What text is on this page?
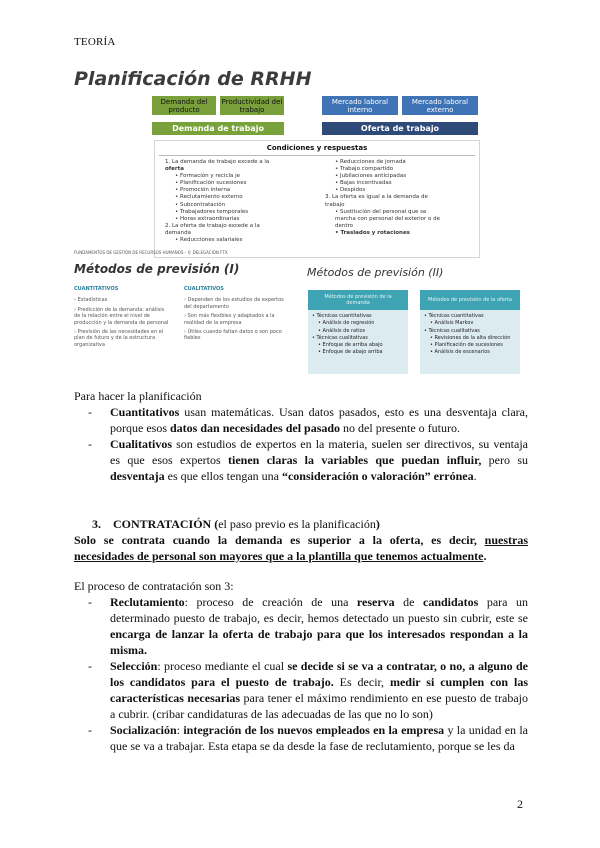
TEORÍA
Planificación de RRHH
Demanda del producto
Productividad del trabajo
Mercado laboral interno
Mercado laboral externo
Demanda de trabajo	Oferta de trabajo
Condiciones y respuestas
1. La demanda de trabajo excede a la
oferta
• Formación y recicla je
• Planificación sucesiones
• Promoción interna
• Reclutamiento externo
• Subcontratación
• Trabajadores temporales
• Horas extraordinarias
2. La oferta de trabajo excede a la
demanda
• Reducciones salariales
• Reducciones de jornada
• Trabajo compartido
• Jubilaciones anticipadas
• Bajas incentivadas
• Despidos
3. La oferta es igual a la demanda de
trabajo
• Sustitución del personal que se
marcha con personal del exterior o de
dentro
• Traslados y rotaciones
FUNDAMENTOS DE GESTIÓN DE RECURSOS HUMANOS - © DELEGACIÓN FTX
Métodos de previsión (I)
CUANTITATIVOS
› Estadísticas
› Predicción de la demanda: análisis de la relación entre el nivel de producción y la demanda de personal
› Previsión de las necesidades en el plan de futuro y de la estructura organizativa
CUALITATIVOS
› Dependen de los estudios de expertos del departamento
› Son más flexibles y adaptados a la realidad de la empresa
› Útiles cuando faltan datos o son poco fiables
Métodos de previsión (II)
Métodos de previsión de la demanda
• Técnicas cuantitativas
• Análisis de regresión
• Análisis de ratios
• Técnicas cualitativas
• Enfoque de arriba abajo
• Enfoque de abajo arriba
Métodos de previsión de la oferta
• Técnicas cuantitativas
• Análisis Markov
• Técnicas cualitativas
• Revisiones de la alta dirección
• Planificación de sucesiones
• Análisis de escenarios
Para hacer la planificación
- Cuantitativos usan matemáticas. Usan datos pasados, esto es una desventaja clara, porque esos datos dan necesidades del pasado no del presente o futuro.
- Cualitativos son estudios de expertos en la materia, suelen ser directivos, su ventaja es que esos expertos tienen claras la variables que puedan influir, pero su desventaja es que ellos tengan una “consideración o valoración” errónea.
3. CONTRATACIÓN (el paso previo es la planificación)
Solo se contrata cuando la demanda es superior a la oferta, es decir, nuestras necesidades de personal son mayores que a la plantilla que tenemos actualmente.
El proceso de contratación son 3:
- Reclutamiento: proceso de creación de una reserva de candidatos para un determinado puesto de trabajo, es decir, hemos detectado un puesto sin cubrir, este se encarga de lanzar la oferta de trabajo para que los interesados respondan a la misma.
- Selección: proceso mediante el cual se decide si se va a contratar, o no, a alguno de los candidatos para el puesto de trabajo. Es decir, medir si cumplen con las características necesarias para tener el máximo rendimiento en ese puesto de trabajo a cubrir. (cribar candidaturas de las adecuadas de las que no lo son)
- Socialización: integración de los nuevos empleados en la empresa y la unidad en la que se va a trabajar. Esta etapa se da desde la fase de reclutamiento, porque se les da
2
